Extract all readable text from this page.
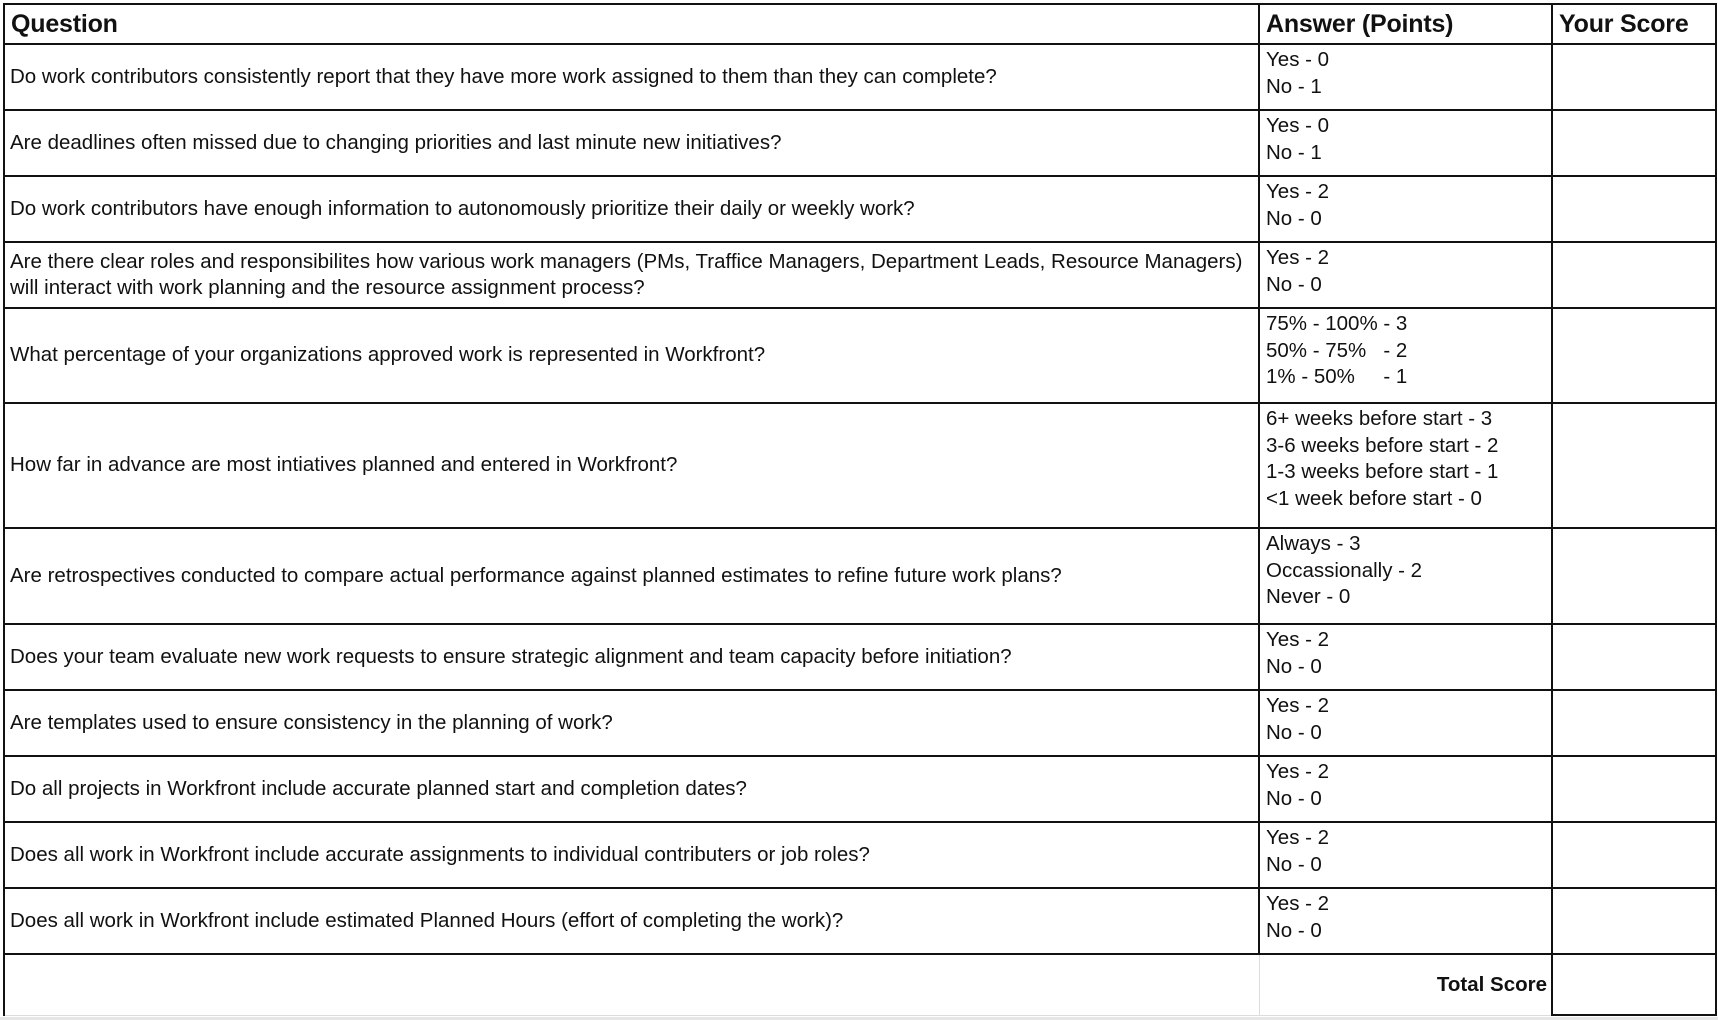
Question	Answer (Points)	Your Score
Do work contributors consistently report that they have more work assigned to them than they can complete?	Yes - 0
No - 1	

Are deadlines often missed due to changing priorities and last minute new initiatives?	Yes - 0
No - 1	

Do work contributors have enough information to autonomously prioritize their daily or weekly work?	Yes - 2
No - 0	

Are there clear roles and responsibilites how various work managers (PMs, Traffice Managers, Department Leads, Resource Managers) will interact with work planning and the resource assignment process?	Yes - 2
No - 0	

What percentage of your organizations approved work is represented in Workfront?	75% - 100% - 3
50% - 75%   - 2
1% - 50%     - 1	

How far in advance are most intiatives planned and entered in Workfront?	6+ weeks before start - 3
3-6 weeks before start - 2
1-3 weeks before start - 1
<1 week before start - 0	

Are retrospectives conducted to compare actual performance against planned estimates to refine future work plans?	Always - 3
Occassionally - 2
Never - 0	

Does your team evaluate new work requests to ensure strategic alignment and team capacity before initiation?	Yes - 2
No - 0	

Are templates used to ensure consistency in the planning of work?	Yes - 2
No - 0	

Do all projects in Workfront include accurate planned start and completion dates?	Yes - 2
No - 0	

Does all work in Workfront include accurate assignments to individual contributers or job roles?	Yes - 2
No - 0	

Does all work in Workfront include estimated Planned Hours (effort of completing the work)?	Yes - 2
No - 0	

	Total Score	
